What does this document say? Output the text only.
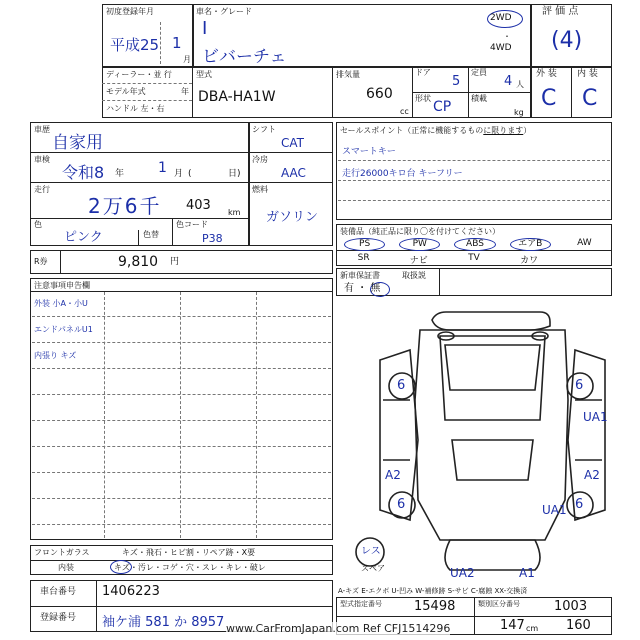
初度登録年月
平成25 1
月
車名・グレード
I
ビバーチェ
2WD
4WD
・
評 価 点
(4)
ディーラー・並 行
モデル年式	年
ハンドル 左・右
型式
DBA-HA1W
排気量
660
cc
ドア
5
定員
4 人
形状
CP
積載
kg
外 装 内 装
C C
車歴
自家用
シフト
CAT
車検
令和8 年 1 月 (	日)
冷房
AAC
走行
2万6千 403 km
燃料
ガソリン
色
ピンク	色替
色コード
P38
R券	9,810 円
セールスポイント（正常に機能するものに限ります）
スマートキー
走行26000キロ台 キーフリー
装備品（純正品に限り〇を付けてください）
PS	PW	ABS	エアB	AW
SR	ナビ	TV	カワ
新車保証書	取扱説
有 ・ 無
注意事項申告欄
外装 小A・小U
エンドパネルU1
内張り キズ
フロントガラス	キズ・飛石・ヒビ割・リペア跡・X要
内装	キズ・汚レ・コゲ・穴・スレ・キレ・破レ
車台番号 1406223
登録番号 袖ケ浦 581 か 8957
6	6
6	6
UA1
A2	A2
UA1
UA2	A1
レス
スペア
A-キズ E-エクボ U-凹み W-補修跡 S-サビ C-腐蝕 XX-交換済
型式指定番号 15498	類別区分番号	1003
147 cm 160
www.CarFromJapan.com Ref CFJ1514296
